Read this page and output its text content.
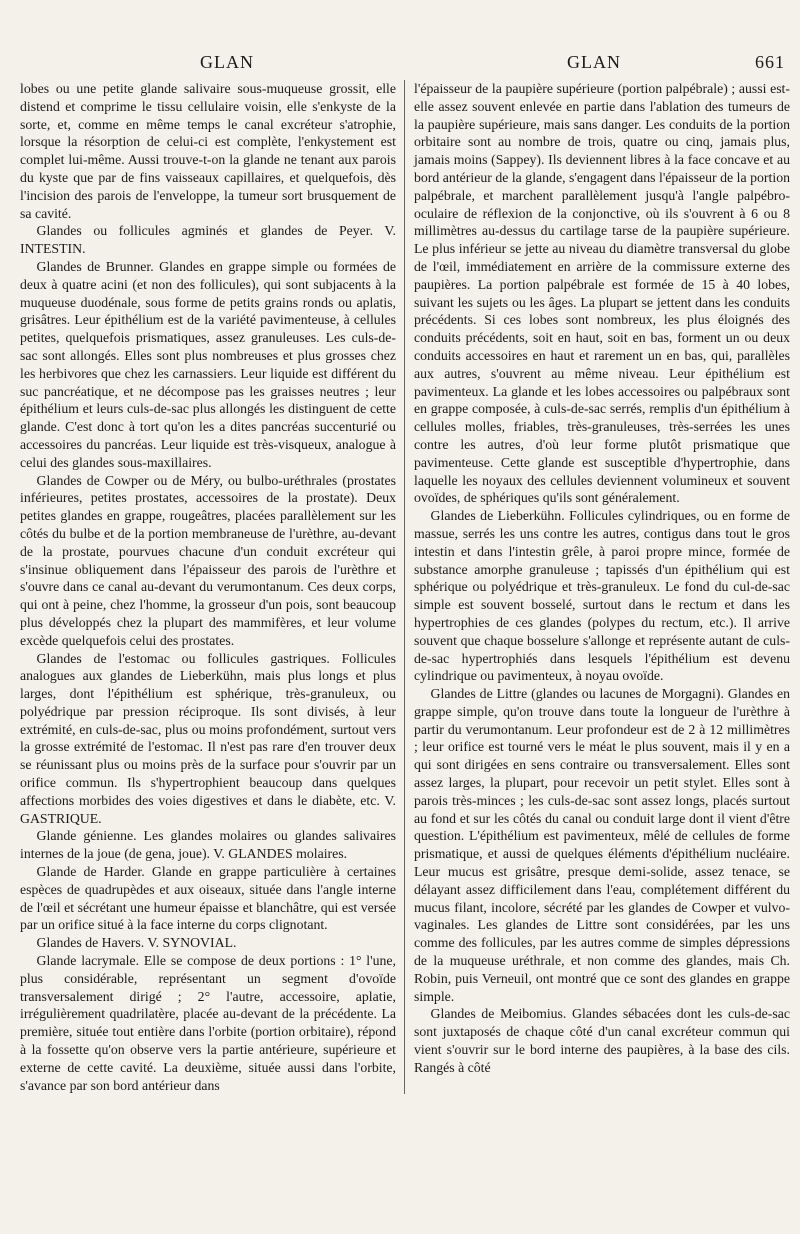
GLAN	GLAN	661

lobes ou une petite glande salivaire sous-muqueuse grossit, elle distend et comprime le tissu cellulaire voisin, elle s'enkyste de la sorte, et, comme en même temps le canal excréteur s'atrophie, lorsque la résorption de celui-ci est complète, l'enkystement est complet lui-même. Aussi trouve-t-on la glande ne tenant aux parois du kyste que par de fins vaisseaux capillaires, et quelquefois, dès l'incision des parois de l'enveloppe, la tumeur sort brusquement de sa cavité.

Glandes ou follicules agminés et glandes de Peyer. V. INTESTIN.

Glandes de Brunner. Glandes en grappe simple ou formées de deux à quatre acini (et non des follicules), qui sont subjacents à la muqueuse duodénale, sous forme de petits grains ronds ou aplatis, grisâtres. Leur épithélium est de la variété pavimenteuse, à cellules petites, quelquefois prismatiques, assez granuleuses. Les culs-de-sac sont allongés. Elles sont plus nombreuses et plus grosses chez les herbivores que chez les carnassiers. Leur liquide est différent du suc pancréatique, et ne décompose pas les graisses neutres ; leur épithélium et leurs culs-de-sac plus allongés les distinguent de cette glande. C'est donc à tort qu'on les a dites pancréas succenturié ou accessoires du pancréas. Leur liquide est très-visqueux, analogue à celui des glandes sous-maxillaires.

Glandes de Cowper ou de Méry, ou bulbo-uréthrales (prostates inférieures, petites prostates, accessoires de la prostate). Deux petites glandes en grappe, rougeâtres, placées parallèlement sur les côtés du bulbe et de la portion membraneuse de l'urèthre, au-devant de la prostate, pourvues chacune d'un conduit excréteur qui s'insinue obliquement dans l'épaisseur des parois de l'urèthre et s'ouvre dans ce canal au-devant du verumontanum. Ces deux corps, qui ont à peine, chez l'homme, la grosseur d'un pois, sont beaucoup plus développés chez la plupart des mammifères, et leur volume excède quelquefois celui des prostates.

Glandes de l'estomac ou follicules gastriques. Follicules analogues aux glandes de Lieberkühn, mais plus longs et plus larges, dont l'épithélium est sphérique, très-granuleux, ou polyédrique par pression réciproque. Ils sont divisés, à leur extrémité, en culs-de-sac, plus ou moins profondément, surtout vers la grosse extrémité de l'estomac. Il n'est pas rare d'en trouver deux se réunissant plus ou moins près de la surface pour s'ouvrir par un orifice commun. Ils s'hypertrophient beaucoup dans quelques affections morbides des voies digestives et dans le diabète, etc. V. GASTRIQUE.

Glande génienne. Les glandes molaires ou glandes salivaires internes de la joue (de gena, joue). V. GLANDES molaires.

Glande de Harder. Glande en grappe particulière à certaines espèces de quadrupèdes et aux oiseaux, située dans l'angle interne de l'œil et sécrétant une humeur épaisse et blanchâtre, qui est versée par un orifice situé à la face interne du corps clignotant.

Glandes de Havers. V. SYNOVIAL.

Glande lacrymale. Elle se compose de deux portions : 1° l'une, plus considérable, représentant un segment d'ovoïde transversalement dirigé ; 2° l'autre, accessoire, aplatie, irrégulièrement quadrilatère, placée au-devant de la précédente. La première, située tout entière dans l'orbite (portion orbitaire), répond à la fossette qu'on observe vers la partie antérieure, supérieure et externe de cette cavité. La deuxième, située aussi dans l'orbite, s'avance par son bord antérieur dans

l'épaisseur de la paupière supérieure (portion palpébrale) ; aussi est-elle assez souvent enlevée en partie dans l'ablation des tumeurs de la paupière supérieure, mais sans danger. Les conduits de la portion orbitaire sont au nombre de trois, quatre ou cinq, jamais plus, jamais moins (Sappey). Ils deviennent libres à la face concave et au bord antérieur de la glande, s'engagent dans l'épaisseur de la portion palpébrale, et marchent parallèlement jusqu'à l'angle palpébro-oculaire de réflexion de la conjonctive, où ils s'ouvrent à 6 ou 8 millimètres au-dessus du cartilage tarse de la paupière supérieure. Le plus inférieur se jette au niveau du diamètre transversal du globe de l'œil, immédiatement en arrière de la commissure externe des paupières. La portion palpébrale est formée de 15 à 40 lobes, suivant les sujets ou les âges. La plupart se jettent dans les conduits précédents. Si ces lobes sont nombreux, les plus éloignés des conduits précédents, soit en haut, soit en bas, forment un ou deux conduits accessoires en haut et rarement un en bas, qui, parallèles aux autres, s'ouvrent au même niveau. Leur épithélium est pavimenteux. La glande et les lobes accessoires ou palpébraux sont en grappe composée, à culs-de-sac serrés, remplis d'un épithélium à cellules molles, friables, très-granuleuses, très-serrées les unes contre les autres, d'où leur forme plutôt prismatique que pavimenteuse. Cette glande est susceptible d'hypertrophie, dans laquelle les noyaux des cellules deviennent volumineux et souvent ovoïdes, de sphériques qu'ils sont généralement.

Glandes de Lieberkühn. Follicules cylindriques, ou en forme de massue, serrés les uns contre les autres, contigus dans tout le gros intestin et dans l'intestin grêle, à paroi propre mince, formée de substance amorphe granuleuse ; tapissés d'un épithélium qui est sphérique ou polyédrique et très-granuleux. Le fond du cul-de-sac simple est souvent bosselé, surtout dans le rectum et dans les hypertrophies de ces glandes (polypes du rectum, etc.). Il arrive souvent que chaque bosselure s'allonge et représente autant de culs-de-sac hypertrophiés dans lesquels l'épithélium est devenu cylindrique ou pavimenteux, à noyau ovoïde.

Glandes de Littre (glandes ou lacunes de Morgagni). Glandes en grappe simple, qu'on trouve dans toute la longueur de l'urèthre à partir du verumontanum. Leur profondeur est de 2 à 12 millimètres ; leur orifice est tourné vers le méat le plus souvent, mais il y en a qui sont dirigées en sens contraire ou transversalement. Elles sont assez larges, la plupart, pour recevoir un petit stylet. Elles sont à parois très-minces ; les culs-de-sac sont assez longs, placés surtout au fond et sur les côtés du canal ou conduit large dont il vient d'être question. L'épithélium est pavimenteux, mêlé de cellules de forme prismatique, et aussi de quelques éléments d'épithélium nucléaire. Leur mucus est grisâtre, presque demi-solide, assez tenace, se délayant assez difficilement dans l'eau, complétement différent du mucus filant, incolore, sécrété par les glandes de Cowper et vulvo-vaginales. Les glandes de Littre sont considérées, par les uns comme des follicules, par les autres comme de simples dépressions de la muqueuse uréthrale, et non comme des glandes, mais Ch. Robin, puis Verneuil, ont montré que ce sont des glandes en grappe simple.

Glandes de Meibomius. Glandes sébacées dont les culs-de-sac sont juxtaposés de chaque côté d'un canal excréteur commun qui vient s'ouvrir sur le bord interne des paupières, à la base des cils. Rangés à côté
